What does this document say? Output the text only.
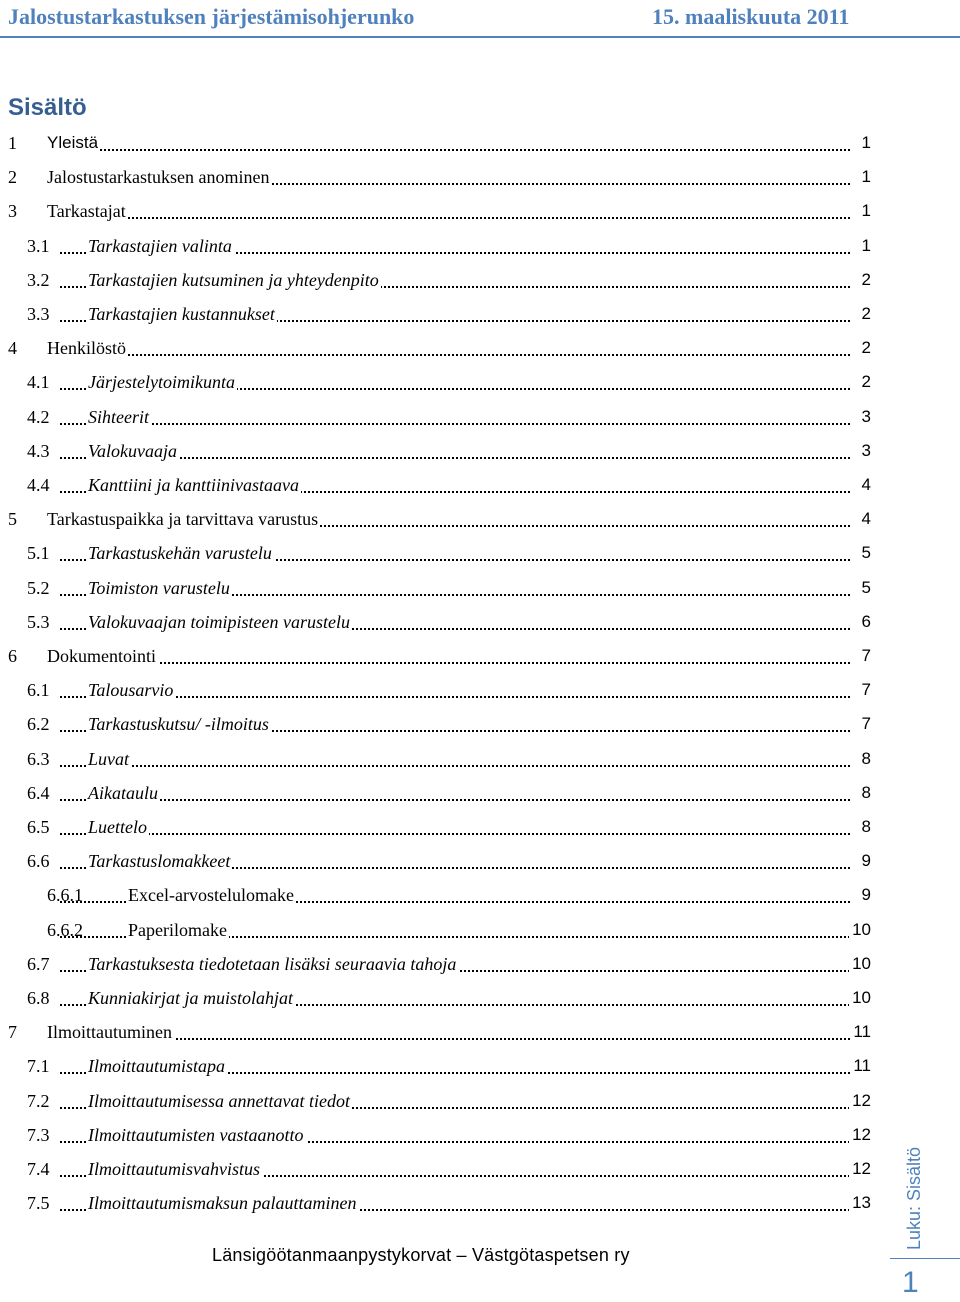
Jalostustarkastuksen järjestämisohjerunko	15. maaliskuuta 2011
Sisältö
1 Yleistä	1
2 Jalostustarkastuksen anominen	1
3 Tarkastajat	1
3.1 Tarkastajien valinta	1
3.2 Tarkastajien kutsuminen ja yhteydenpito	2
3.3 Tarkastajien kustannukset	2
4 Henkilöstö	2
4.1 Järjestelytoimikunta	2
4.2 Sihteerit	3
4.3 Valokuvaaja	3
4.4 Kanttiini ja kanttiinivastaava	4
5 Tarkastuspaikka ja tarvittava varustus	4
5.1 Tarkastuskehän varustelu	5
5.2 Toimiston varustelu	5
5.3 Valokuvaajan toimipisteen varustelu	6
6 Dokumentointi	7
6.1 Talousarvio	7
6.2 Tarkastuskutsu/ -ilmoitus	7
6.3 Luvat	8
6.4 Aikataulu	8
6.5 Luettelo	8
6.6 Tarkastuslomakkeet	9
6.6.1	Excel-arvostelulomake	9
6.6.2	Paperilomake	10
6.7 Tarkastuksesta tiedotetaan lisäksi seuraavia tahoja	10
6.8 Kunniakirjat ja muistolahjat	10
7 Ilmoittautuminen	11
7.1 Ilmoittautumistapa	11
7.2 Ilmoittautumisessa annettavat tiedot	12
7.3 Ilmoittautumisten vastaanotto	12
7.4 Ilmoittautumisvahvistus	12
7.5 Ilmoittautumismaksun palauttaminen	13
Länsigöötanmaanpystykorvat – Västgötaspetsen ry
Luku: Sisältö
1
